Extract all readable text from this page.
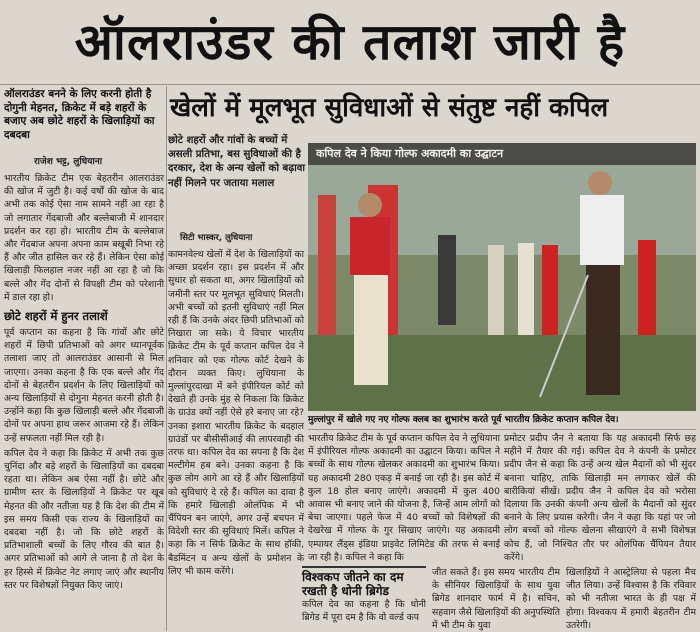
ऑलराउंडर की तलाश जारी है
ऑलराउंडर बनने के लिए करनी होती है दोगुनी मेहनत, क्रिकेट में बड़े शहरों के बजाए अब छोटे शहरों के खिलाड़ियों का दबदबा
राजेश भट्ट, लुधियाना

भारतीय क्रिकेट टीम एक बेहतरीन आलराउंडर की खोज में जुटी है। कई वर्षों की खोज के बाद अभी तक कोई ऐसा नाम सामने नहीं आ रहा है जो लगातार गेंदबाजी और बल्लेबाजी में शानदार प्रदर्शन कर रहा हो। भारतीय टीम के बल्लेबाज और गेंदबाज अपना अपना काम बखूबी निभा रहे हैं और जीत हासिल कर रहे हैं। लेकिन ऐसा कोई खिलाड़ी फिलहाल नजर नहीं आ रहा है जो कि बल्ले और गेंद दोनों से विपक्षी टीम को परेशानी में डाल रहा हो।

छोटे शहरों में हुनर तलाशें

पूर्व कप्तान का कहना है कि गांवों और छोटे शहरों में छिपी प्रतिभाओं को अगर ध्यानपूर्वक तलाशा जाए तो आलराउंडर आसानी से मिल जाएगा। उनका कहना है कि एक बल्ले और गेंद दोनों से बेहतरीन प्रदर्शन के लिए खिलाड़ियों को अन्य खिलाड़ियों से दोगुना मेहनत करनी होती है। उन्होंने कहा कि कुछ खिलाड़ी बल्ले और गेंदबाजी दोनों पर अपना हाथ जरूर आजमा रहे हैं। लेकिन उन्हें सफलता नहीं मिल रही है।

कपिल देव ने कहा कि क्रिकेट में अभी तक कुछ चुनिंदा और बड़े शहरों के खिलाड़ियों का दबदबा रहता था। लेकिन अब ऐसा नहीं है। छोटे और ग्रामीण स्तर के खिलाड़ियों ने क्रिकेट पर खूब मेहनत की और नतीजा यह है कि देश की टीम में इस समय किसी एक राज्य के खिलाड़ियों का दबदबा नहीं है। जो कि छोटे शहरों के प्रतिभाशाली बच्चों के लिए गौरव की बात है। अगर प्रतिभाओं को आगे ले जाना है तो देश के हर हिस्से में क्रिकेट नेट लगाए जाएं और स्थानीय स्तर पर विशेषज्ञों नियुक्त किए जाएं।

खेलों में मूलभूत सुविधाओं से संतुष्ट नहीं कपिल
छोटे शहरों और गांवों के बच्चों में असली प्रतिभा, बस सुविधाओं की है दरकार, देश के अन्य खेलों को बढ़ावा नहीं मिलने पर जताया मलाल
सिटी भास्कर, लुधियाना

कामनवेल्थ खेलों में देश के खिलाड़ियों का अच्छा प्रदर्शन रहा। इस प्रदर्शन में और सुधार हो सकता था, अगर खिलाड़ियों को जमीनी स्तर पर मूलभूत सुविधाएं मिलती। अभी बच्चों को इतनी सुविधाएं नहीं मिल रही हैं कि उनके अंदर छिपी प्रतिभाओं को निखारा जा सके। ये विचार भारतीय क्रिकेट टीम के पूर्व कप्तान कपिल देव ने शनिवार को एक गोल्फ कोर्ट देखने के दौरान व्यक्त किए। लुधियाना के मुल्लांपुरदाखा में बने इंपीरियल कोर्ट को देखते ही उनके मुंह से निकला कि क्रिकेट के ग्राउंड क्यों नहीं ऐसे हरे बनाए जा रहे? उनका इशारा भारतीय क्रिकेट के बदहाल ग्राउंडों पर बीसीसीआई की लापरवाही की तरफ था। कपिल देव का सपना है कि देश मल्टीगेम हब बने। उनका कहना है कि कुछ लोग आगे आ रहे हैं और खिलाड़ियों को सुविधाएं दे रहे हैं। कपिल का दावा है कि हमारे खिलाड़ी ओलंपिक में भी चैंपियन बन जाएंगे, अगर उन्हें बचपन में विदेशी स्तर की सुविधाएं मिलें। कपिल ने कहा कि न सिर्फ क्रिकेट के साथ हॉकी, बैडमिंटन व अन्य खेलों के प्रमोशन के लिए भी काम करेंगे।

कपिल देव ने किया गोल्फ अकादमी का उद्घाटन
मुल्लांपुर में खोले गए नए गोल्फ क्लब का शुभारंभ करते पूर्व भारतीय क्रिकेट कप्तान कपिल देव।

भारतीय क्रिकेट टीम के पूर्व कप्तान कपिल देव ने लुधियाना में इंपीरियल गोल्फ अकादमी का उद्घाटन किया। कपिल ने बच्चों के साथ गोल्फ खेलकर अकादमी का शुभारंभ किया। यह अकादमी 280 एकड़ में बनाई जा रही है। इस कोर्ट में कुल 18 होल बनाए जाएंगे। अकादमी में कुल 400 आवास भी बनाए जाने की योजना है, जिन्हें आम लोगों को बेचा जाएगा। पहले फेज में 40 बच्चों को विशेषज्ञों की देखरेख में गोल्फ के गुर सिखाए जाएंगे। यह अकादमी एम्पायर लैंड्स इंडिया प्राइवेट लिमिटेड की तरफ से बनाई जा रही है। कपिल ने कहा कि

प्रमोटर प्रदीप जैन ने बताया कि यह अकादमी सिर्फ छह महीने में तैयार की गई। कपिल देव ने कंपनी के प्रमोटर प्रदीप जैन से कहा कि उन्हें अन्य खेल मैदानों को भी सुंदर बनाना चाहिए, ताकि खिलाड़ी मन लगाकर खेलें की बारीकियां सीखें। प्रदीप जैन ने कपिल देव को भरोसा दिलाया कि उनकी कंपनी अन्य खेलों के मैदानों को सुंदर बनाने के लिए प्रयास करेगी। जैन ने कहा कि यहां पर जो लोग बच्चों को गोल्फ खेलना सीखाएंगे वे सभी विशेषज्ञ कोच हैं, जो निश्चित तौर पर ओलंपिक चैंपियन तैयार करेंगे।

विश्वकप जीतने का दम रखती है धोनी ब्रिगेड

कपिल देव का कहना है कि धोनी ब्रिगेड में पूरा दम है कि वो वर्ल्ड कप

जीत सकते हैं। इस समय भारतीय टीम के सीनियर खिलाड़ियों के साथ युवा ब्रिगेड शानदार फार्म में है। सचिन, सहवाग जैसे खिलाड़ियों की अनुपस्थिति में भी टीम के युवा

खिलाड़ियों ने आस्ट्रेलिया से पहला मैच जीत लिया। उन्हें विश्वास है कि रविवार को भी नतीजा भारत के ही पक्ष में होगा। विश्वकप में हमारी बेहतरीन टीम उतरेगी।
